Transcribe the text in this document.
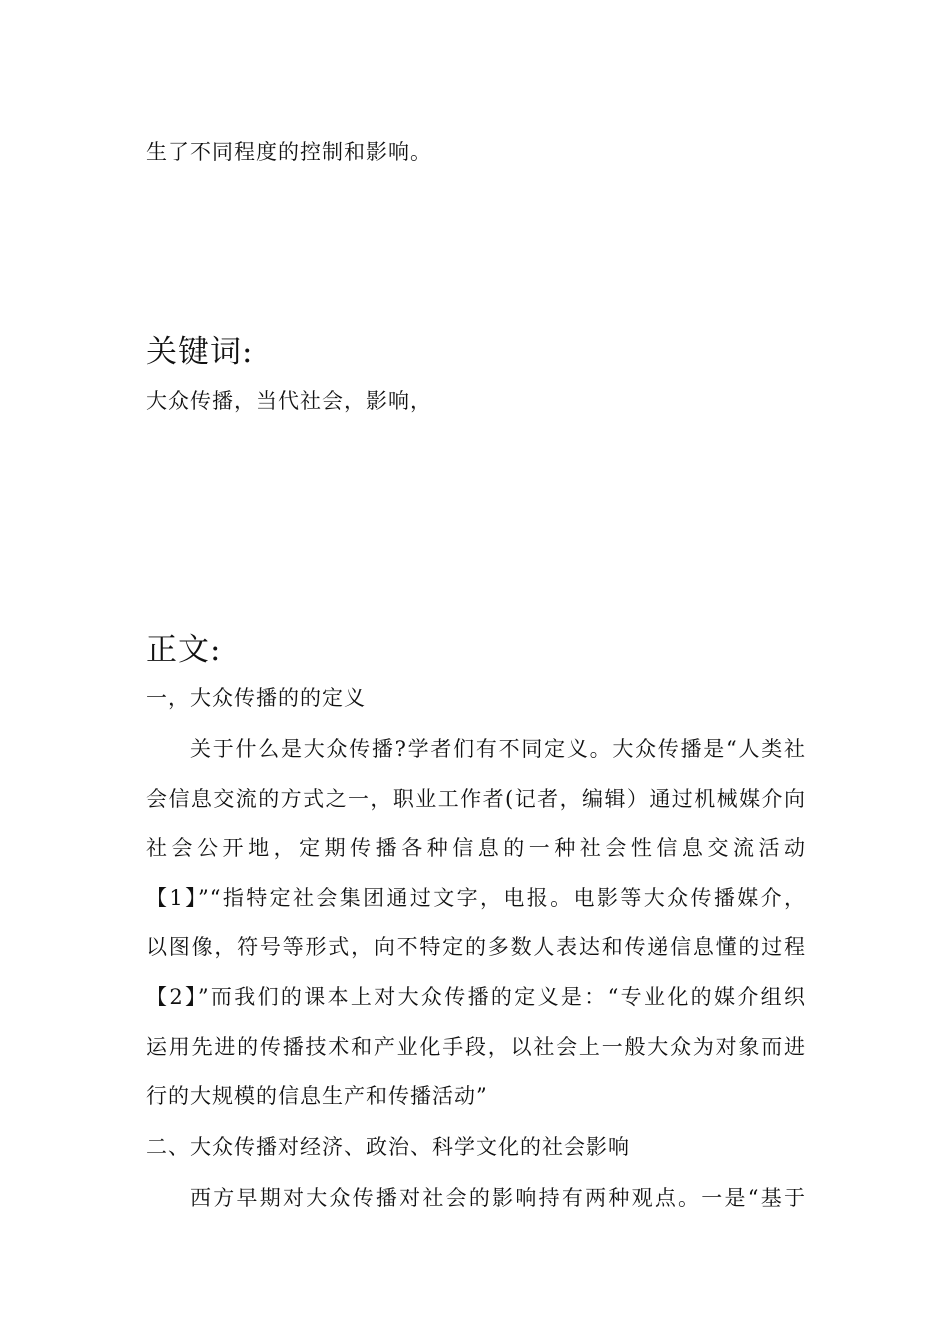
生了不同程度的控制和影响。

关键词:

大众传播，当代社会，影响，

正文:

一，大众传播的的定义

关于什么是大众传播?学者们有不同定义。大众传播是“人类社

会信息交流的方式之一，职业工作者(记者，编辑）通过机械媒介向

社会公开地，定期传播各种信息的一种社会性信息交流活动

【1】”“指特定社会集团通过文字，电报。电影等大众传播媒介，

以图像，符号等形式，向不特定的多数人表达和传递信息懂的过程

【2】”而我们的课本上对大众传播的定义是：“专业化的媒介组织

运用先进的传播技术和产业化手段，以社会上一般大众为对象而进

行的大规模的信息生产和传播活动”

二、大众传播对经济、政治、科学文化的社会影响

西方早期对大众传播对社会的影响持有两种观点。一是“基于
